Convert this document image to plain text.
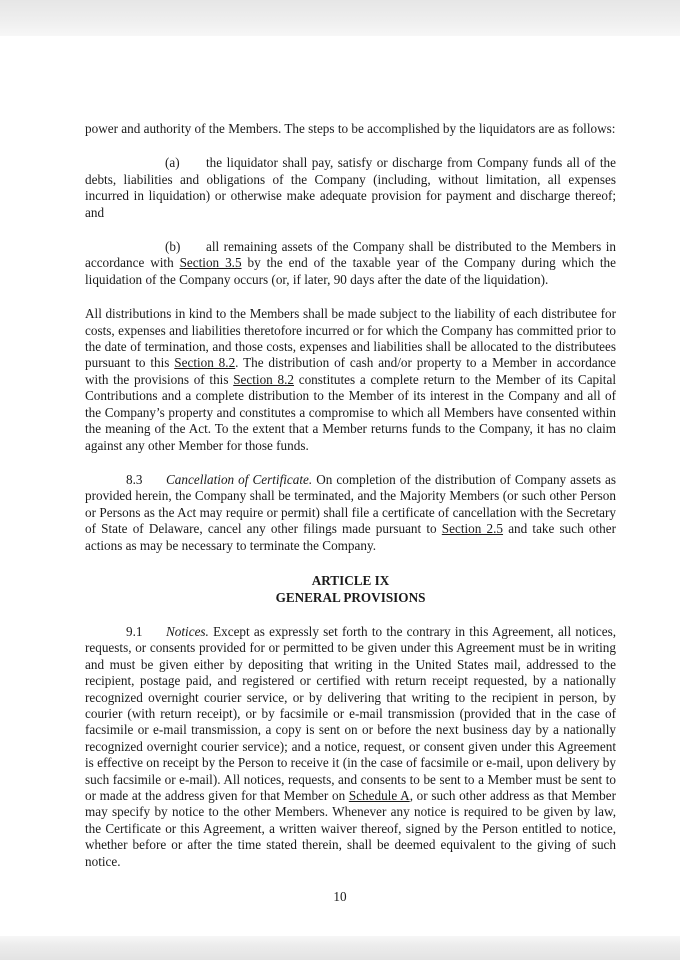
power and authority of the Members. The steps to be accomplished by the liquidators are as follows:

(a) the liquidator shall pay, satisfy or discharge from Company funds all of the debts, liabilities and obligations of the Company (including, without limitation, all expenses incurred in liquidation) or otherwise make adequate provision for payment and discharge thereof; and

(b) all remaining assets of the Company shall be distributed to the Members in accordance with Section 3.5 by the end of the taxable year of the Company during which the liquidation of the Company occurs (or, if later, 90 days after the date of the liquidation).

All distributions in kind to the Members shall be made subject to the liability of each distributee for costs, expenses and liabilities theretofore incurred or for which the Company has committed prior to the date of termination, and those costs, expenses and liabilities shall be allocated to the distributees pursuant to this Section 8.2. The distribution of cash and/or property to a Member in accordance with the provisions of this Section 8.2 constitutes a complete return to the Member of its Capital Contributions and a complete distribution to the Member of its interest in the Company and all of the Company’s property and constitutes a compromise to which all Members have consented within the meaning of the Act. To the extent that a Member returns funds to the Company, it has no claim against any other Member for those funds.

8.3 Cancellation of Certificate. On completion of the distribution of Company assets as provided herein, the Company shall be terminated, and the Majority Members (or such other Person or Persons as the Act may require or permit) shall file a certificate of cancellation with the Secretary of State of Delaware, cancel any other filings made pursuant to Section 2.5 and take such other actions as may be necessary to terminate the Company.

ARTICLE IX
GENERAL PROVISIONS

9.1 Notices. Except as expressly set forth to the contrary in this Agreement, all notices, requests, or consents provided for or permitted to be given under this Agreement must be in writing and must be given either by depositing that writing in the United States mail, addressed to the recipient, postage paid, and registered or certified with return receipt requested, by a nationally recognized overnight courier service, or by delivering that writing to the recipient in person, by courier (with return receipt), or by facsimile or e-mail transmission (provided that in the case of facsimile or e-mail transmission, a copy is sent on or before the next business day by a nationally recognized overnight courier service); and a notice, request, or consent given under this Agreement is effective on receipt by the Person to receive it (in the case of facsimile or e-mail, upon delivery by such facsimile or e-mail). All notices, requests, and consents to be sent to a Member must be sent to or made at the address given for that Member on Schedule A, or such other address as that Member may specify by notice to the other Members. Whenever any notice is required to be given by law, the Certificate or this Agreement, a written waiver thereof, signed by the Person entitled to notice, whether before or after the time stated therein, shall be deemed equivalent to the giving of such notice.

10
